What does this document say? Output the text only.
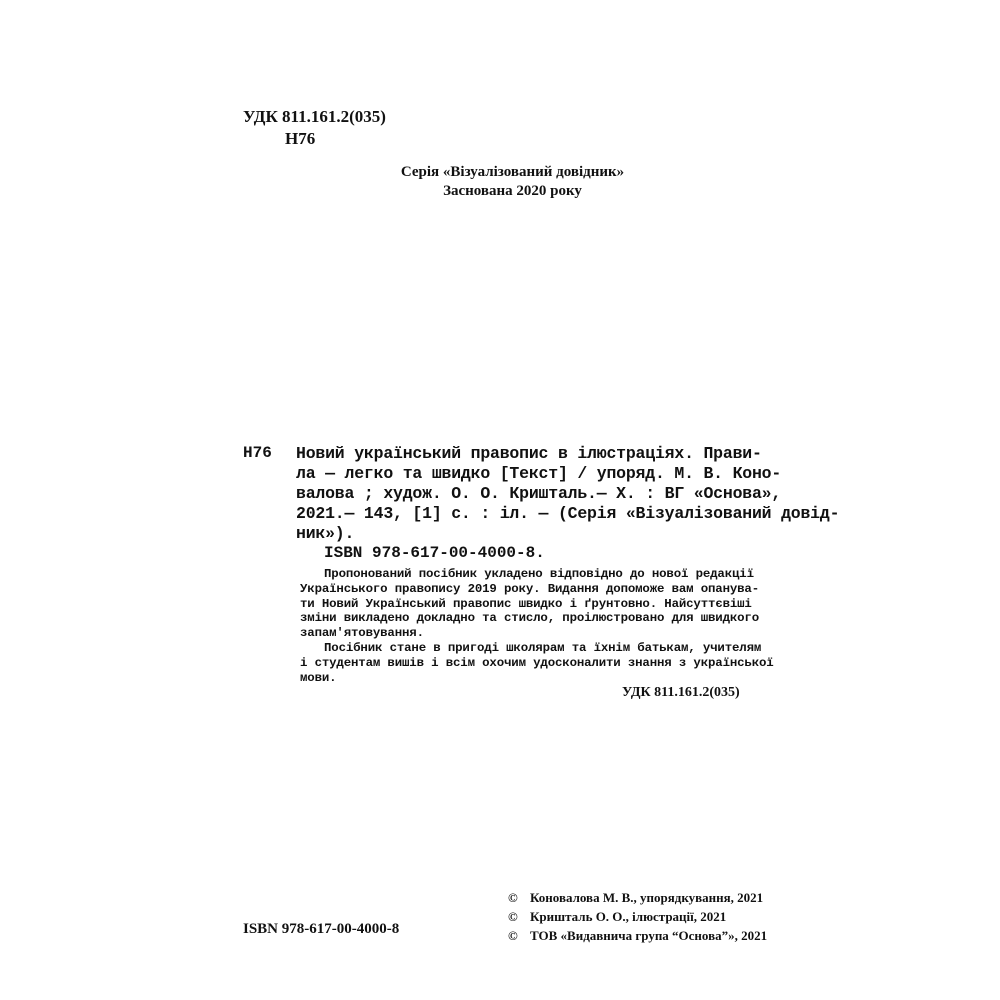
УДК 811.161.2(035)
Н76
Серія «Візуалізований довідник»
Заснована 2020 року
Н76 Новий український правопис в ілюстраціях. Прави-
ла — легко та швидко [Текст] / упоряд. М. В. Коно-
валова ; худож. О. О. Кришталь.— Х. : ВГ «Основа»,
2021.— 143, [1] с. : іл. — (Серія «Візуалізований довід-
ник»).
ISBN 978-617-00-4000-8.
Пропонований посібник укладено відповідно до нової редакції
Українського правопису 2019 року. Видання допоможе вам опанува-
ти Новий Український правопис швидко і ґрунтовно. Найсуттєвіші
зміни викладено докладно та стисло, проілюстровано для швидкого
запам'ятовування.
Посібник стане в пригоді школярам та їхнім батькам, учителям
і студентам вишів і всім охочим удосконалити знання з української
мови.
УДК 811.161.2(035)
ISBN 978-617-00-4000-8
© Коновалова М. В., упорядкування, 2021
© Кришталь О. О., ілюстрації, 2021
© ТОВ «Видавнича група “Основа”», 2021
